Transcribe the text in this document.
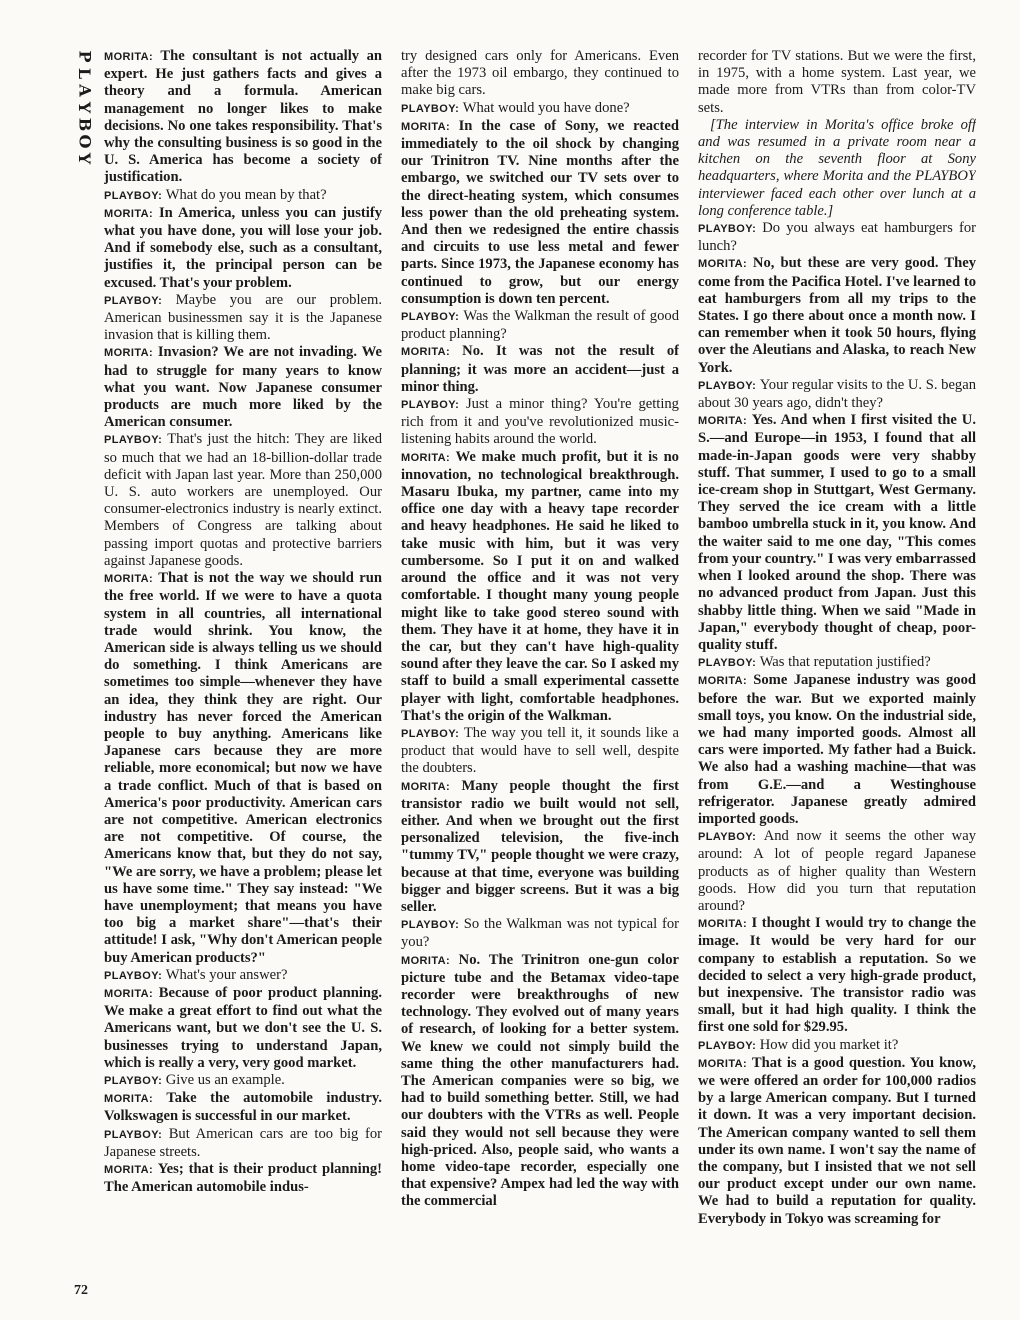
P
L
A
Y
B
O
Y
72

MORITA: The consultant is not actually an expert. He just gathers facts and gives a theory and a formula. American management no longer likes to make decisions. No one takes responsibility. That's why the consulting business is so good in the U. S. America has become a society of justification.

PLAYBOY: What do you mean by that?

MORITA: In America, unless you can justify what you have done, you will lose your job. And if somebody else, such as a consultant, justifies it, the principal person can be excused. That's your problem.

PLAYBOY: Maybe you are our problem. American businessmen say it is the Japanese invasion that is killing them.

MORITA: Invasion? We are not invading. We had to struggle for many years to know what you want. Now Japanese consumer products are much more liked by the American consumer.

PLAYBOY: That's just the hitch: They are liked so much that we had an 18-billion-dollar trade deficit with Japan last year. More than 250,000 U. S. auto workers are unemployed. Our consumer-electronics industry is nearly extinct. Members of Congress are talking about passing import quotas and protective barriers against Japanese goods.

MORITA: That is not the way we should run the free world. If we were to have a quota system in all countries, all international trade would shrink. You know, the American side is always telling us we should do something. I think Americans are sometimes too simple—whenever they have an idea, they think they are right. Our industry has never forced the American people to buy anything. Americans like Japanese cars because they are more reliable, more economical; but now we have a trade conflict. Much of that is based on America's poor productivity. American cars are not competitive. American electronics are not competitive. Of course, the Americans know that, but they do not say, "We are sorry, we have a problem; please let us have some time." They say instead: "We have unemployment; that means you have too big a market share"—that's their attitude! I ask, "Why don't American people buy American products?"

PLAYBOY: What's your answer?

MORITA: Because of poor product planning. We make a great effort to find out what the Americans want, but we don't see the U. S. businesses trying to understand Japan, which is really a very, very good market.

PLAYBOY: Give us an example.

MORITA: Take the automobile industry. Volkswagen is successful in our market.

PLAYBOY: But American cars are too big for Japanese streets.

MORITA: Yes; that is their product planning! The American automobile indus-

try designed cars only for Americans. Even after the 1973 oil embargo, they continued to make big cars.

PLAYBOY: What would you have done?

MORITA: In the case of Sony, we reacted immediately to the oil shock by changing our Trinitron TV. Nine months after the embargo, we switched our TV sets over to the direct-heating system, which consumes less power than the old preheating system. And then we redesigned the entire chassis and circuits to use less metal and fewer parts. Since 1973, the Japanese economy has continued to grow, but our energy consumption is down ten percent.

PLAYBOY: Was the Walkman the result of good product planning?

MORITA: No. It was not the result of planning; it was more an accident—just a minor thing.

PLAYBOY: Just a minor thing? You're getting rich from it and you've revolutionized music-listening habits around the world.

MORITA: We make much profit, but it is no innovation, no technological breakthrough. Masaru Ibuka, my partner, came into my office one day with a heavy tape recorder and heavy headphones. He said he liked to take music with him, but it was very cumbersome. So I put it on and walked around the office and it was not very comfortable. I thought many young people might like to take good stereo sound with them. They have it at home, they have it in the car, but they can't have high-quality sound after they leave the car. So I asked my staff to build a small experimental cassette player with light, comfortable headphones. That's the origin of the Walkman.

PLAYBOY: The way you tell it, it sounds like a product that would have to sell well, despite the doubters.

MORITA: Many people thought the first transistor radio we built would not sell, either. And when we brought out the first personalized television, the five-inch "tummy TV," people thought we were crazy, because at that time, everyone was building bigger and bigger screens. But it was a big seller.

PLAYBOY: So the Walkman was not typical for you?

MORITA: No. The Trinitron one-gun color picture tube and the Betamax video-tape recorder were breakthroughs of new technology. They evolved out of many years of research, of looking for a better system. We knew we could not simply build the same thing the other manufacturers had. The American companies were so big, we had to build something better. Still, we had our doubters with the VTRs as well. People said they would not sell because they were high-priced. Also, people said, who wants a home video-tape recorder, especially one that expensive? Ampex had led the way with the commercial

recorder for TV stations. But we were the first, in 1975, with a home system. Last year, we made more from VTRs than from color-TV sets.

[The interview in Morita's office broke off and was resumed in a private room near a kitchen on the seventh floor at Sony headquarters, where Morita and the PLAYBOY interviewer faced each other over lunch at a long conference table.]

PLAYBOY: Do you always eat hamburgers for lunch?

MORITA: No, but these are very good. They come from the Pacifica Hotel. I've learned to eat hamburgers from all my trips to the States. I go there about once a month now. I can remember when it took 50 hours, flying over the Aleutians and Alaska, to reach New York.

PLAYBOY: Your regular visits to the U. S. began about 30 years ago, didn't they?

MORITA: Yes. And when I first visited the U. S.—and Europe—in 1953, I found that all made-in-Japan goods were very shabby stuff. That summer, I used to go to a small ice-cream shop in Stuttgart, West Germany. They served the ice cream with a little bamboo umbrella stuck in it, you know. And the waiter said to me one day, "This comes from your country." I was very embarrassed when I looked around the shop. There was no advanced product from Japan. Just this shabby little thing. When we said "Made in Japan," everybody thought of cheap, poor-quality stuff.

PLAYBOY: Was that reputation justified?

MORITA: Some Japanese industry was good before the war. But we exported mainly small toys, you know. On the industrial side, we had many imported goods. Almost all cars were imported. My father had a Buick. We also had a washing machine—that was from G.E.—and a Westinghouse refrigerator. Japanese greatly admired imported goods.

PLAYBOY: And now it seems the other way around: A lot of people regard Japanese products as of higher quality than Western goods. How did you turn that reputation around?

MORITA: I thought I would try to change the image. It would be very hard for our company to establish a reputation. So we decided to select a very high-grade product, but inexpensive. The transistor radio was small, but it had high quality. I think the first one sold for $29.95.

PLAYBOY: How did you market it?

MORITA: That is a good question. You know, we were offered an order for 100,000 radios by a large American company. But I turned it down. It was a very important decision. The American company wanted to sell them under its own name. I won't say the name of the company, but I insisted that we not sell our product except under our own name. We had to build a reputation for quality. Everybody in Tokyo was screaming for
